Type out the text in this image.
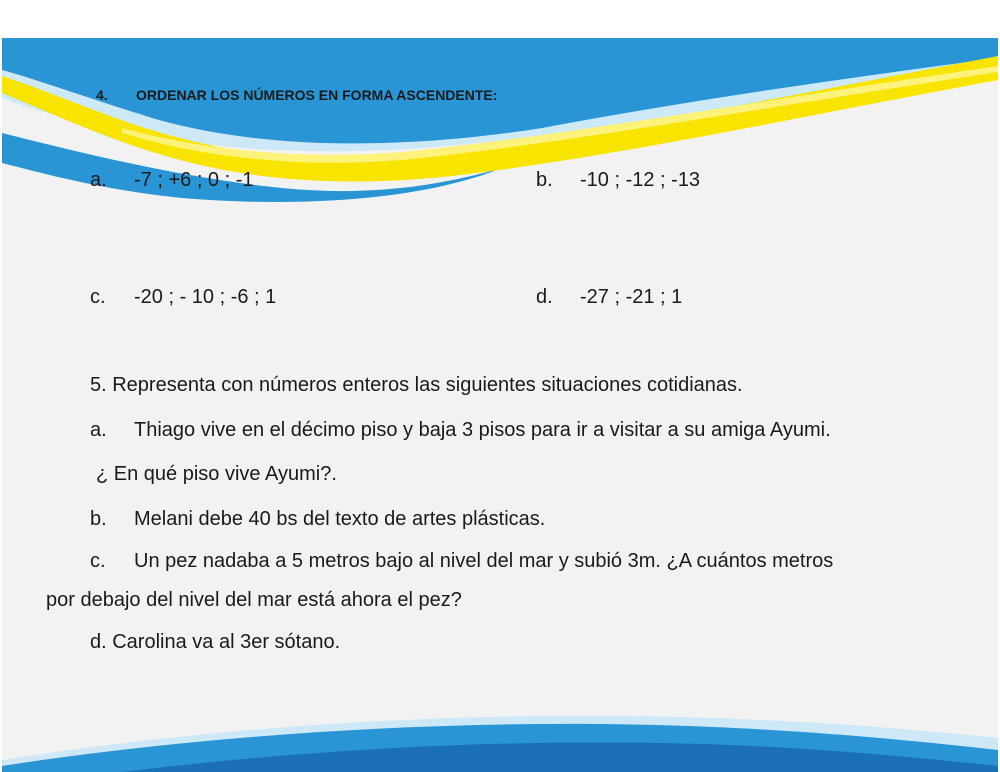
4. ORDENAR LOS NÚMEROS EN FORMA ASCENDENTE:
a. -7 ; +6 ; 0 ; -1	b. -10 ; -12 ; -13
c. -20 ; - 10 ; -6 ; 1	d. -27 ; -21 ; 1
5. Representa con números enteros las siguientes situaciones cotidianas.
a. Thiago vive en el décimo piso y baja 3 pisos para ir a visitar a su amiga Ayumi.
¿ En qué piso vive Ayumi?.
b. Melani debe 40 bs del texto de artes plásticas.
c. Un pez nadaba a 5 metros bajo al nivel del mar y subió 3m. ¿A cuántos metros
por debajo del nivel del mar está ahora el pez?
d. Carolina va al 3er sótano.
